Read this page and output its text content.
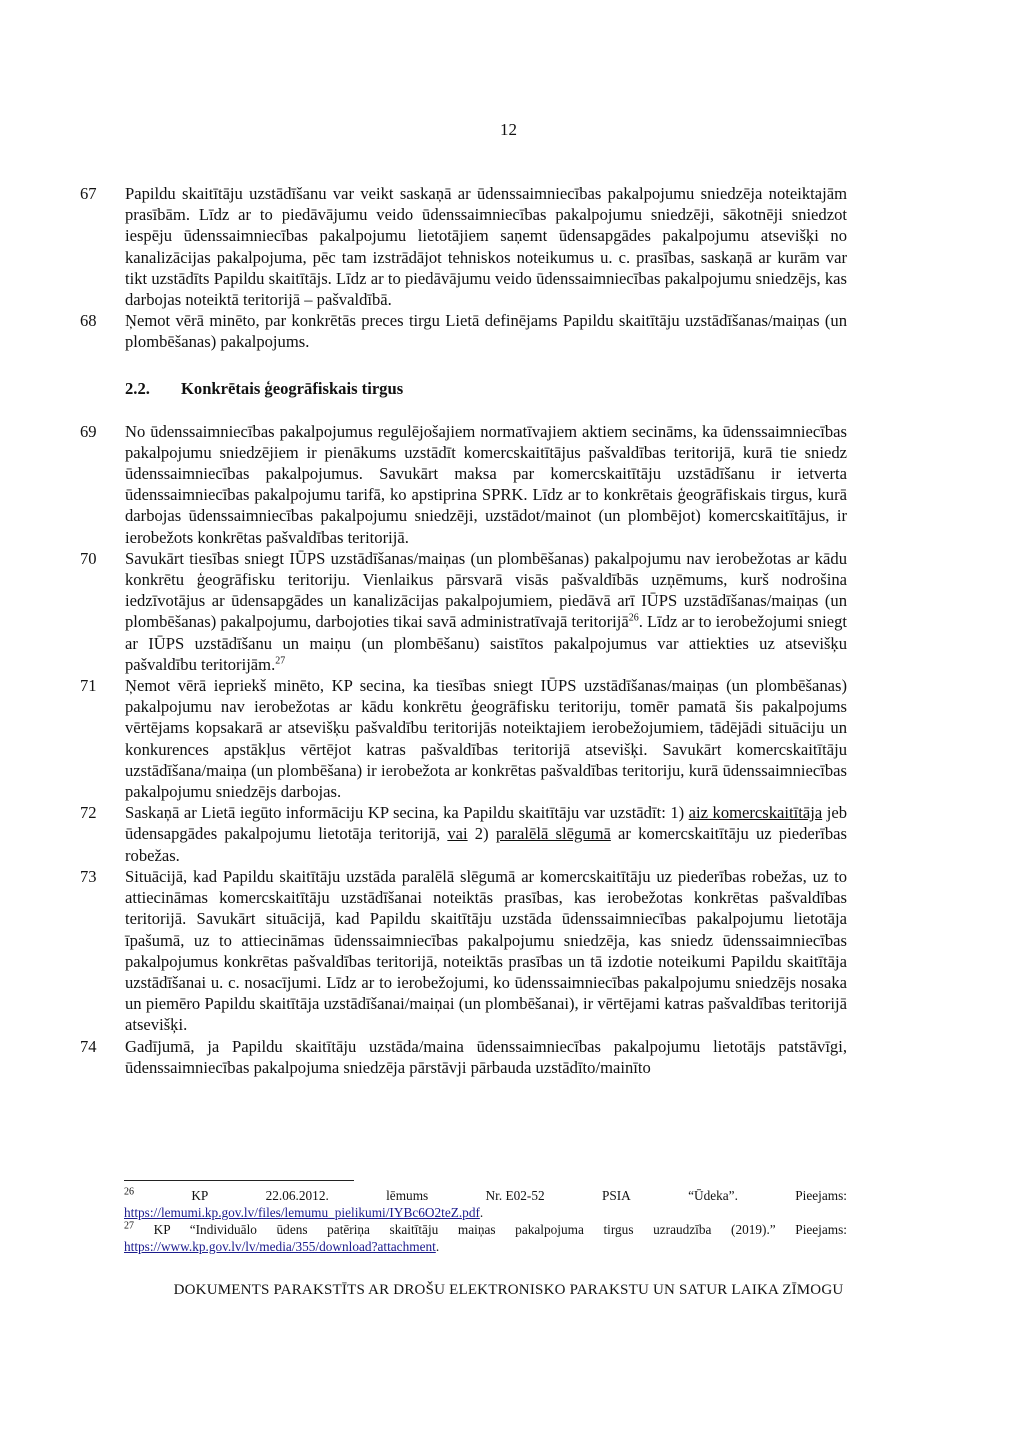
12
67	Papildu skaitītāju uzstādīšanu var veikt saskaņā ar ūdenssaimniecības pakalpojumu sniedzēja noteiktajām prasībām. Līdz ar to piedāvājumu veido ūdenssaimniecības pakalpojumu sniedzēji, sākotnēji sniedzot iespēju ūdenssaimniecības pakalpojumu lietotājiem saņemt ūdensapgādes pakalpojumu atsevišķi no kanalizācijas pakalpojuma, pēc tam izstrādājot tehniskos noteikumus u. c. prasības, saskaņā ar kurām var tikt uzstādīts Papildu skaitītājs. Līdz ar to piedāvājumu veido ūdenssaimniecības pakalpojumu sniedzējs, kas darbojas noteiktā teritorijā – pašvaldībā.
68	Ņemot vērā minēto, par konkrētās preces tirgu Lietā definējams Papildu skaitītāju uzstādīšanas/maiņas (un plombēšanas) pakalpojums.
2.2.	Konkrētais ģeogrāfiskais tirgus
69	No ūdenssaimniecības pakalpojumus regulējošajiem normatīvajiem aktiem secināms, ka ūdenssaimniecības pakalpojumu sniedzējiem ir pienākums uzstādīt komercskaitītājus pašvaldības teritorijā, kurā tie sniedz ūdenssaimniecības pakalpojumus. Savukārt maksa par komercskaitītāju uzstādīšanu ir ietverta ūdenssaimniecības pakalpojumu tarifā, ko apstiprina SPRK. Līdz ar to konkrētais ģeogrāfiskais tirgus, kurā darbojas ūdenssaimniecības pakalpojumu sniedzēji, uzstādot/mainot (un plombējot) komercskaitītājus, ir ierobežots konkrētas pašvaldības teritorijā.
70	Savukārt tiesības sniegt IŪPS uzstādīšanas/maiņas (un plombēšanas) pakalpojumu nav ierobežotas ar kādu konkrētu ģeogrāfisku teritoriju. Vienlaikus pārsvarā visās pašvaldībās uzņēmums, kurš nodrošina iedzīvotājus ar ūdensapgādes un kanalizācijas pakalpojumiem, piedāvā arī IŪPS uzstādīšanas/maiņas (un plombēšanas) pakalpojumu, darbojoties tikai savā administratīvajā teritorijā$^{26}$. Līdz ar to ierobežojumi sniegt ar IŪPS uzstādīšanu un maiņu (un plombēšanu) saistītos pakalpojumus var attiekties uz atsevišķu pašvaldību teritorijām.$^{27}$
71	Ņemot vērā iepriekš minēto, KP secina, ka tiesības sniegt IŪPS uzstādīšanas/maiņas (un plombēšanas) pakalpojumu nav ierobežotas ar kādu konkrētu ģeogrāfisku teritoriju, tomēr pamatā šis pakalpojums vērtējams kopsakarā ar atsevišķu pašvaldību teritorijās noteiktajiem ierobežojumiem, tādējādi situāciju un konkurences apstākļus vērtējot katras pašvaldības teritorijā atsevišķi. Savukārt komercskaitītāju uzstādīšana/maiņa (un plombēšana) ir ierobežota ar konkrētas pašvaldības teritoriju, kurā ūdenssaimniecības pakalpojumu sniedzējs darbojas.
72	Saskaņā ar Lietā iegūto informāciju KP secina, ka Papildu skaitītāju var uzstādīt: 1) aiz komercskaitītāja jeb ūdensapgādes pakalpojumu lietotāja teritorijā, vai 2) paralēlā slēgumā ar komercskaitītāju uz piederības robežas.
73	Situācijā, kad Papildu skaitītāju uzstāda paralēlā slēgumā ar komercskaitītāju uz piederības robežas, uz to attiecināmas komercskaitītāju uzstādīšanai noteiktās prasības, kas ierobežotas konkrētas pašvaldības teritorijā. Savukārt situācijā, kad Papildu skaitītāju uzstāda ūdenssaimniecības pakalpojumu lietotāja īpašumā, uz to attiecināmas ūdenssaimniecības pakalpojumu sniedzēja, kas sniedz ūdenssaimniecības pakalpojumus konkrētas pašvaldības teritorijā, noteiktās prasības un tā izdotie noteikumi Papildu skaitītāja uzstādīšanai u. c. nosacījumi. Līdz ar to ierobežojumi, ko ūdenssaimniecības pakalpojumu sniedzējs nosaka un piemēro Papildu skaitītāja uzstādīšanai/maiņai (un plombēšanai), ir vērtējami katras pašvaldības teritorijā atsevišķi.
74	Gadījumā, ja Papildu skaitītāju uzstāda/maina ūdenssaimniecības pakalpojumu lietotājs patstāvīgi, ūdenssaimniecības pakalpojuma sniedzēja pārstāvji pārbauda uzstādīto/mainīto
$^{26}$	KP	22.06.2012.	lēmums	Nr. E02-52	PSIA	“Ūdeka”.	Pieejams:
https://lemumi.kp.gov.lv/files/lemumu_pielikumi/IYBc6O2teZ.pdf.
$^{27}$ KP “Individuālo ūdens patēriņa skaitītāju maiņas pakalpojuma tirgus uzraudzība (2019).” Pieejams: https://www.kp.gov.lv/lv/media/355/download?attachment.
DOKUMENTS PARAKSTĪTS AR DROŠU ELEKTRONISKO PARAKSTU UN SATUR LAIKA ZĪMOGU
